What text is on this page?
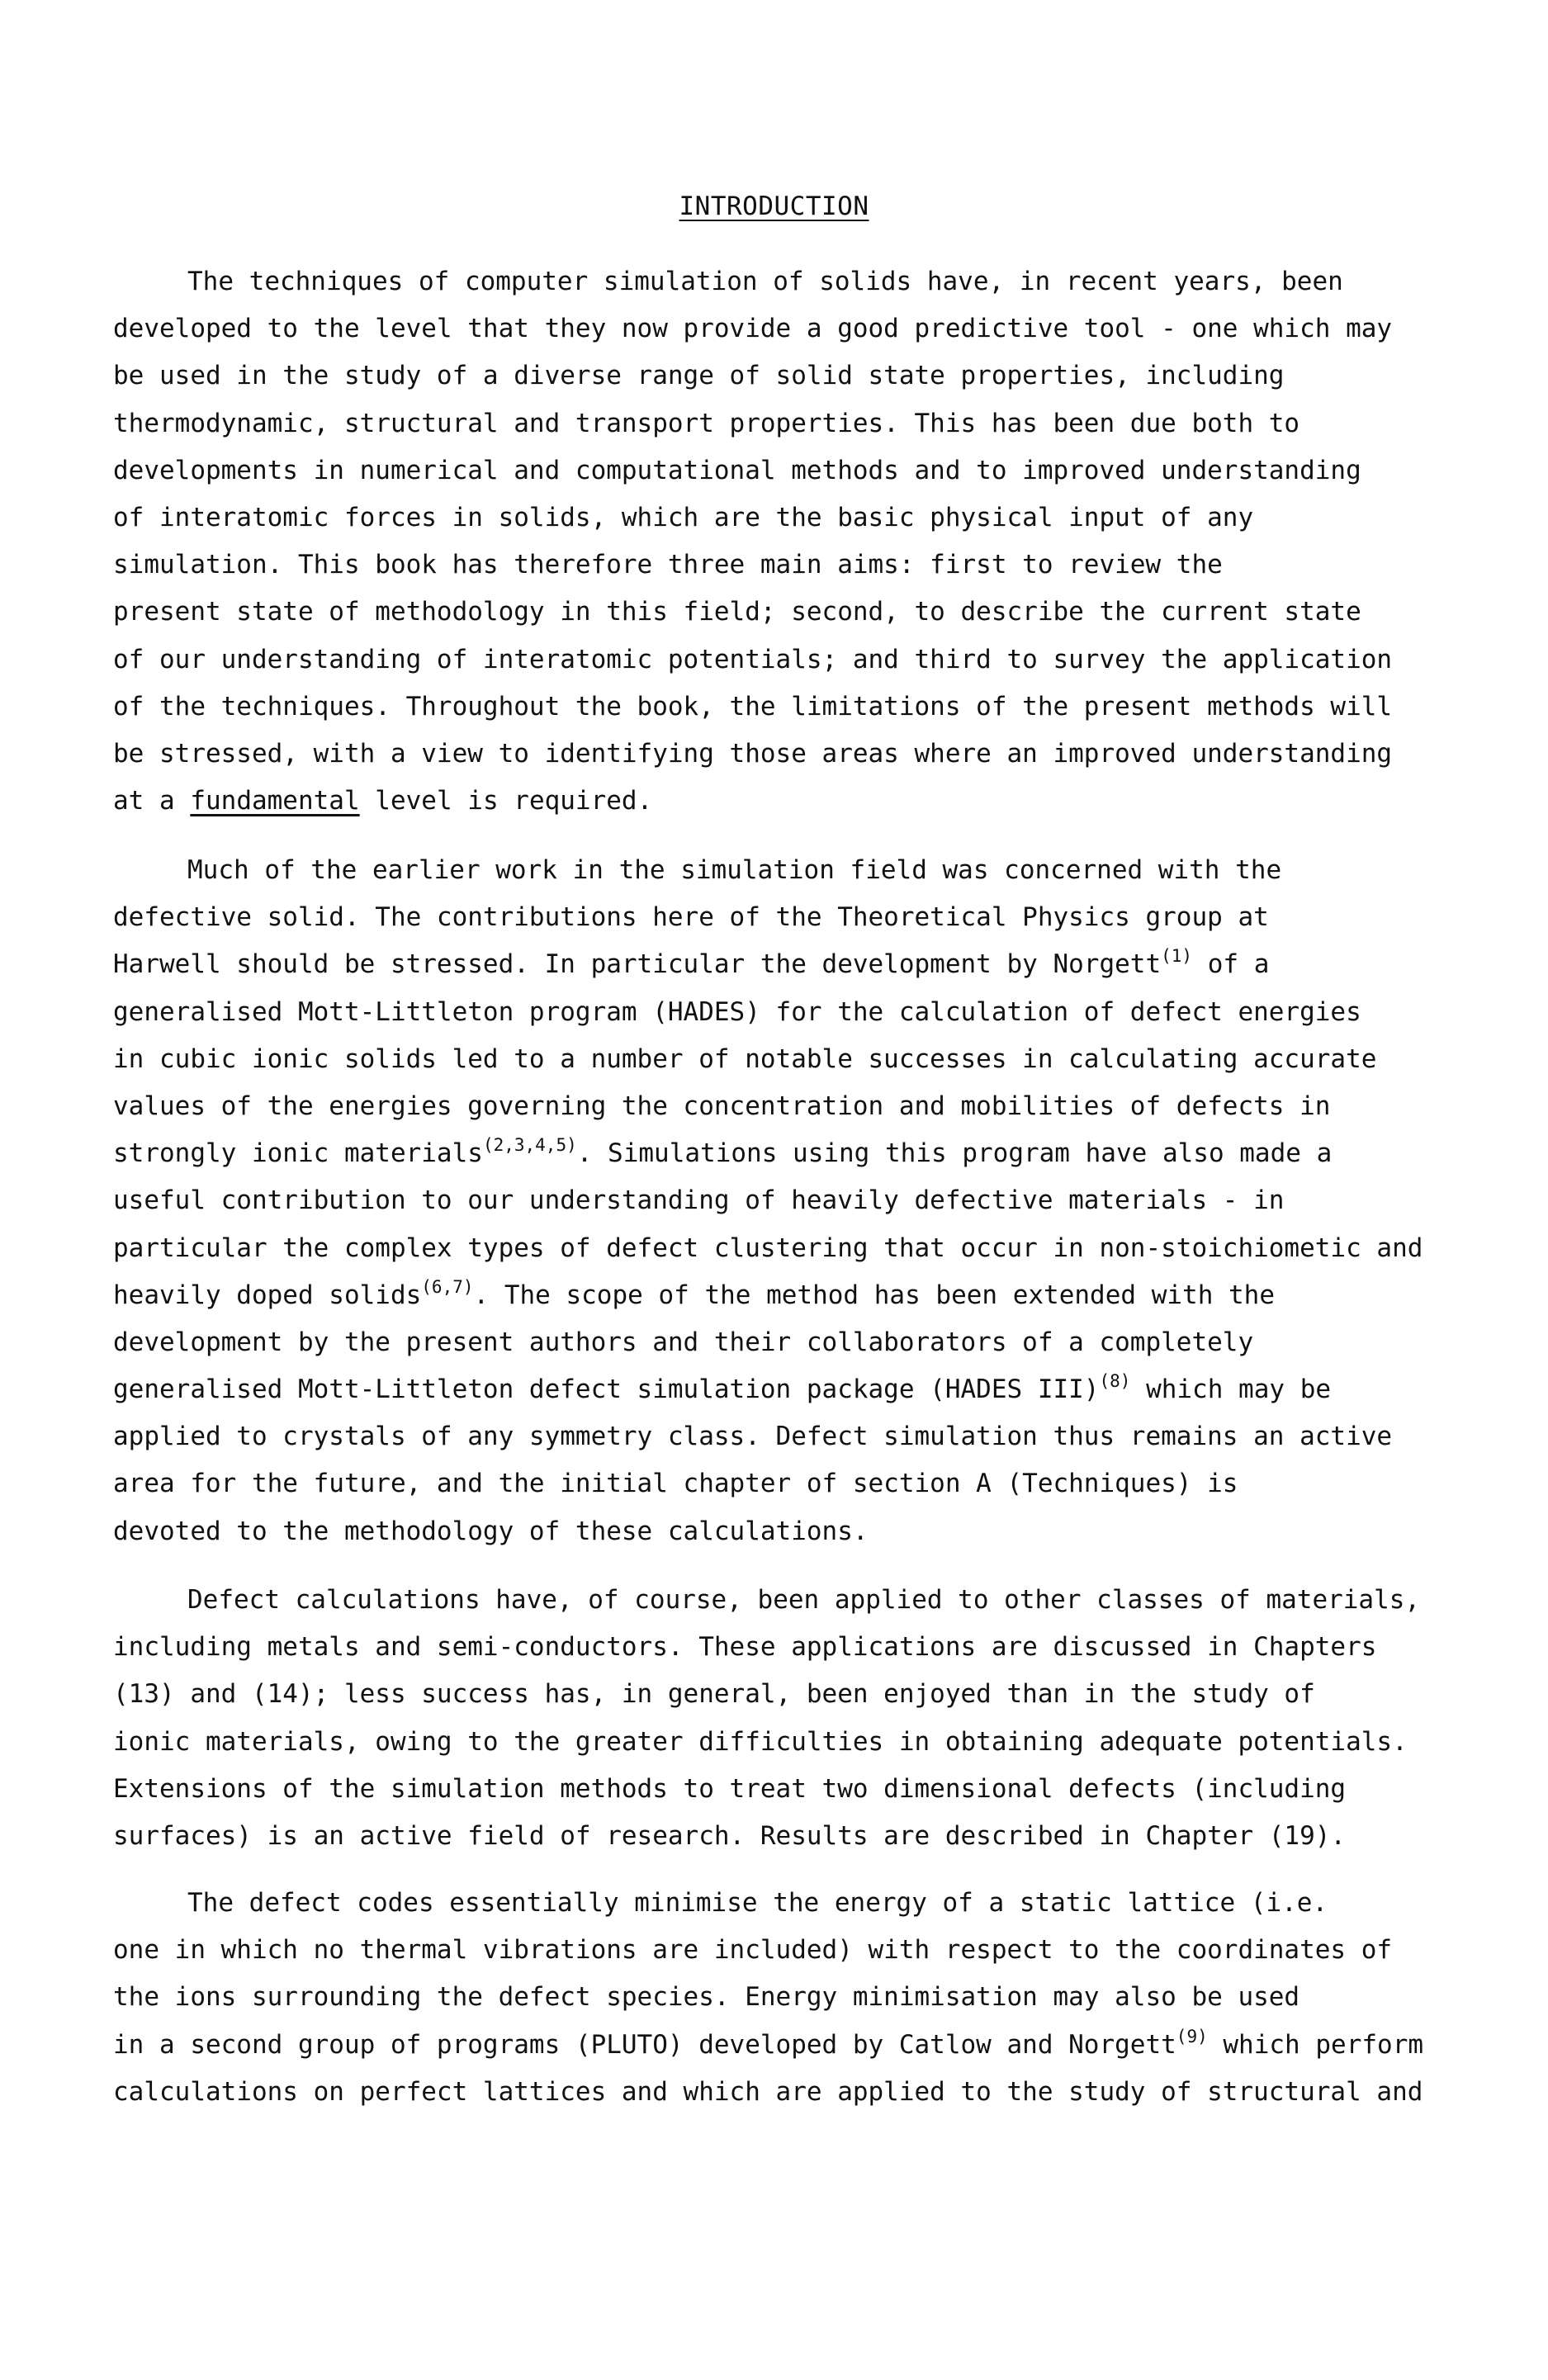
INTRODUCTION
The techniques of computer simulation of solids have, in recent years, been
developed to the level that they now provide a good predictive tool - one which may
be used in the study of a diverse range of solid state properties, including
thermodynamic, structural and transport properties. This has been due both to
developments in numerical and computational methods and to improved understanding
of interatomic forces in solids, which are the basic physical input of any
simulation. This book has therefore three main aims: first to review the
present state of methodology in this field; second, to describe the current state
of our understanding of interatomic potentials; and third to survey the application
of the techniques. Throughout the book, the limitations of the present methods will
be stressed, with a view to identifying those areas where an improved understanding
at a fundamental level is required.
Much of the earlier work in the simulation field was concerned with the
defective solid. The contributions here of the Theoretical Physics group at
Harwell should be stressed. In particular the development by Norgett$^{(1)}$ of a
generalised Mott-Littleton program (HADES) for the calculation of defect energies
in cubic ionic solids led to a number of notable successes in calculating accurate
values of the energies governing the concentration and mobilities of defects in
strongly ionic materials$^{(2,3,4,5)}$. Simulations using this program have also made a
useful contribution to our understanding of heavily defective materials - in
particular the complex types of defect clustering that occur in non-stoichiometic and
heavily doped solids$^{(6,7)}$. The scope of the method has been extended with the
development by the present authors and their collaborators of a completely
generalised Mott-Littleton defect simulation package (HADES III)$^{(8)}$ which may be
applied to crystals of any symmetry class. Defect simulation thus remains an active
area for the future, and the initial chapter of section A (Techniques) is
devoted to the methodology of these calculations.
Defect calculations have, of course, been applied to other classes of materials,
including metals and semi-conductors. These applications are discussed in Chapters
(13) and (14); less success has, in general, been enjoyed than in the study of
ionic materials, owing to the greater difficulties in obtaining adequate potentials.
Extensions of the simulation methods to treat two dimensional defects (including
surfaces) is an active field of research. Results are described in Chapter (19).
The defect codes essentially minimise the energy of a static lattice (i.e.
one in which no thermal vibrations are included) with respect to the coordinates of
the ions surrounding the defect species. Energy minimisation may also be used
in a second group of programs (PLUTO) developed by Catlow and Norgett$^{(9)}$ which perform
calculations on perfect lattices and which are applied to the study of structural and
